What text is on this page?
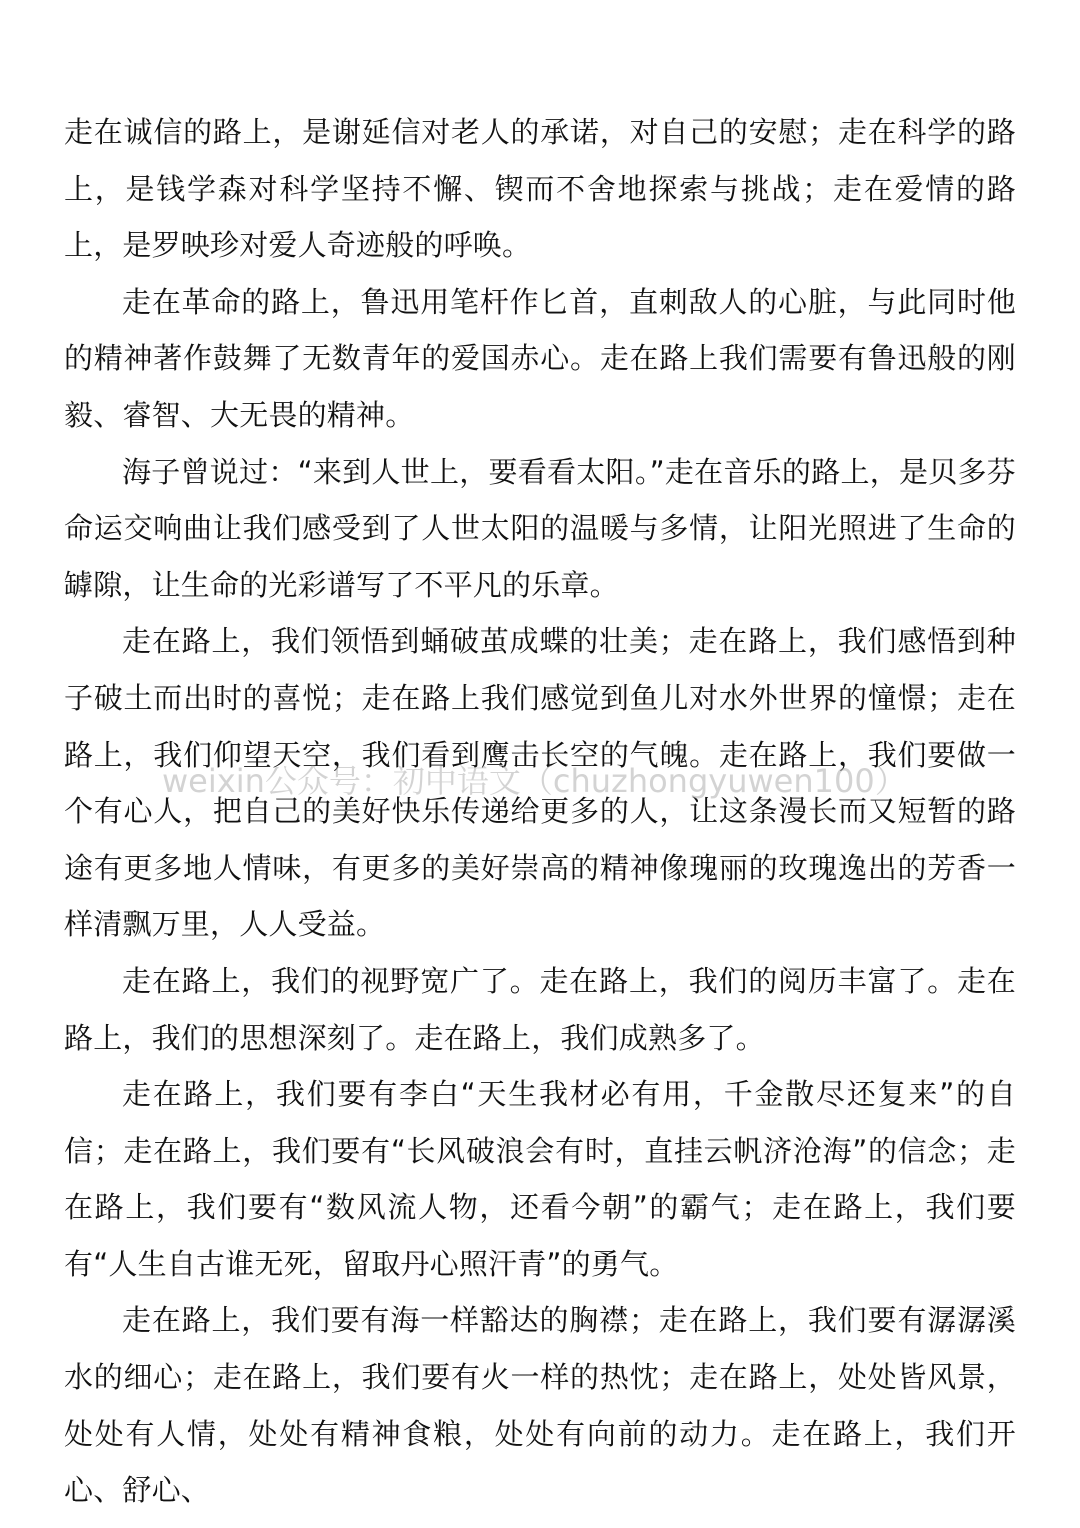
走在诚信的路上，是谢延信对老人的承诺，对自己的安慰；走在科学的路上，是钱学森对科学坚持不懈、锲而不舍地探索与挑战；走在爱情的路上，是罗映珍对爱人奇迹般的呼唤。

走在革命的路上，鲁迅用笔杆作匕首，直刺敌人的心脏，与此同时他的精神著作鼓舞了无数青年的爱国赤心。走在路上我们需要有鲁迅般的刚毅、睿智、大无畏的精神。

海子曾说过：“来到人世上，要看看太阳。”走在音乐的路上，是贝多芬命运交响曲让我们感受到了人世太阳的温暖与多情，让阳光照进了生命的罅隙，让生命的光彩谱写了不平凡的乐章。

走在路上，我们领悟到蛹破茧成蝶的壮美；走在路上，我们感悟到种子破土而出时的喜悦；走在路上我们感觉到鱼儿对水外世界的憧憬；走在路上，我们仰望天空，我们看到鹰击长空的气魄。走在路上，我们要做一个有心人，把自己的美好快乐传递给更多的人，让这条漫长而又短暂的路途有更多地人情味，有更多的美好崇高的精神像瑰丽的玫瑰逸出的芳香一样清飘万里，人人受益。

走在路上，我们的视野宽广了。走在路上，我们的阅历丰富了。走在路上，我们的思想深刻了。走在路上，我们成熟多了。

走在路上，我们要有李白“天生我材必有用，千金散尽还复来”的自信；走在路上，我们要有“长风破浪会有时，直挂云帆济沧海”的信念；走在路上，我们要有“数风流人物，还看今朝”的霸气；走在路上，我们要有“人生自古谁无死，留取丹心照汗青”的勇气。

走在路上，我们要有海一样豁达的胸襟；走在路上，我们要有潺潺溪水的细心；走在路上，我们要有火一样的热忱；走在路上，处处皆风景，处处有人情，处处有精神食粮，处处有向前的动力。走在路上，我们开心、舒心、

weixin公众号：初中语文（chuzhongyuwen100）
